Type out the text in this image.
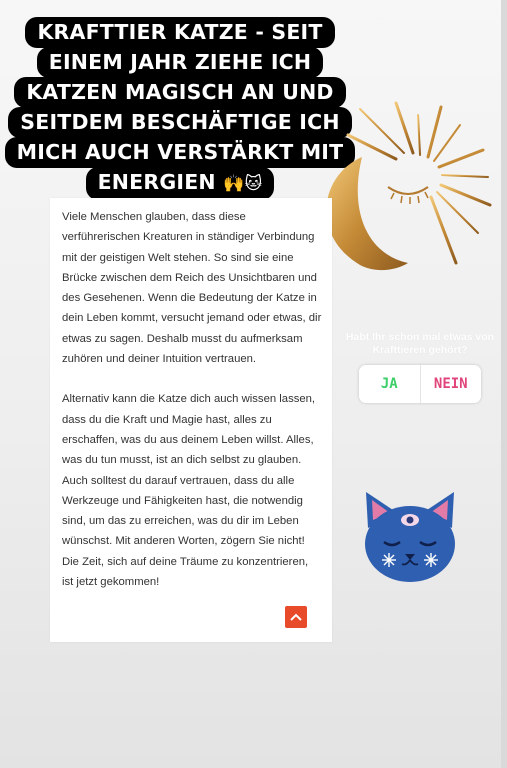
KRAFTTIER KATZE - SEIT
EINEM JAHR ZIEHE ICH
KATZEN MAGISCH AN UND
SEITDEM BESCHÄFTIGE ICH
MICH AUCH VERSTÄRKT MIT
ENERGIEN 🙌🐱

Viele Menschen glauben, dass diese verführerischen Kreaturen in ständiger Verbindung mit der geistigen Welt stehen. So sind sie eine Brücke zwischen dem Reich des Unsichtbaren und des Gesehenen. Wenn die Bedeutung der Katze in dein Leben kommt, versucht jemand oder etwas, dir etwas zu sagen. Deshalb musst du aufmerksam zuhören und deiner Intuition vertrauen.

Alternativ kann die Katze dich auch wissen lassen, dass du die Kraft und Magie hast, alles zu erschaffen, was du aus deinem Leben willst. Alles, was du tun musst, ist an dich selbst zu glauben. Auch solltest du darauf vertrauen, dass du alle Werkzeuge und Fähigkeiten hast, die notwendig sind, um das zu erreichen, was du dir im Leben wünschst. Mit anderen Worten, zögern Sie nicht! Die Zeit, sich auf deine Träume zu konzentrieren, ist jetzt gekommen!

Habt Ihr schon mal etwas von Krafttieren gehört?
JA	NEIN
